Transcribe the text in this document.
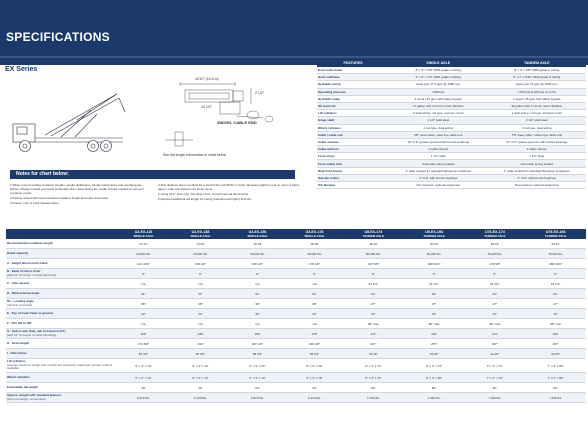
SPECIFICATIONS
EX Series
44'10" (14.0 m)
24 1/2"
2 1/2"
SWIVEL CABLE END
See tail length information in chart below
Notes for chart below:

1 When recommending container lengths, weight distribution, fender interference and overhang are factors. Please consult your local enthusiast when determining the model of hoist needed to suit your container needs.

2 Factory tested with recommended container length and water level load.

3 Frame = top of truck chassis frame.

4 This distance does not allow for a behind the cab (BTC) or hoist rail space platform and so more is add a tarper; main cab distance for these items.

5 Using 22.5" tires only. The larger tires, consult internal dimensions.

6 Request additional tail length for spring requirements higher than AC.

FEATURES	SINGLE AXLE	TANDEM AXLE
Hoist main frame	8" x 3" x 3/8" A500 grade C tubing	8" x 4" x 3/8" A500 grade C tubing
Hoist subframe	6" x 3" x 1/4" A500 grade C tubing	5" x 2" x 5/16" A500 grade C tubing
Hydraulic pump	Gear type 17.5 gpm @ 1500 rpm	Gear type 31 gpm @ 1500 rpm
Operating pressure	1,850 psi	1,850 psi (1,950 psi on U75)
Hydraulic valve	2 spool / 45 gpm with safety bypass	2 spool / 45 gpm with safety bypass
Oil reservoir	17 gallon with 3 micron return filtration	30 gallon with 3 micron return filtration
Lift cylinders	2 dual acting, rod type, reverse mount	2 dual acting, rod type, forward mount
Hinge shaft	1 1/2" solid steel	2 1/2" solid steel
Winch cylinders	2 rod type, dual acting	2 rod type, dual acting
Cable / cable end	5/8" steel cable / pear eye cable end	7/8" steel cable / swivel eye cable end
Cable sheaves	10" O.D. grease grooved with bronze bearings	10" O.D. grease grooved with bronze bearings
Cable anchors	4 cable clamps	4 cable clamps
Front stops	1 1/2" plate	1 1/2" plate
Front safety lock	Automatic spring loaded	Automatic spring loaded
Rear hold downs	1" plate located for standard Westerup containers	1" plate located for standard Westerup containers
Outside rollers	4" O.D. with bronze bearings	4" O.D. with bronze bearings
ICC Bumper	Not required, optional equipment	Not required, optional equipment

	U2-EX-119
SINGLE AXLE	U2-EX-138
SINGLE AXLE	U3-EX-156
SINGLE AXLE	U3-EX-178
SINGLE AXLE	U5-EX-174
TANDEM AXLE	U5-EX-194
TANDEM AXLE	U75-EX-174
TANDEM AXLE	U75-EX-194
TANDEM AXLE

Recommended container length	13-14'	14-16'	16-18'	18-20'	18-22'	20-24'	18-22'	20-24'
Rated capacity	20,000 lbs.	25,000 lbs.	30,000 lbs.	30,000 lbs.	60,000 lbs.	60,000 lbs.	75,000 lbs.	75,000 lbs.
A - Height above truck frame	131 3/16"	150 1/8"	156 1/8"	178 1/8"	157 5/8"	180 9/16"	179 5/8"	180 9/16"
B - Back of cab to hoist
(add 12" for tarper or hand plumbing)	6"	6"	6"	6"	6"	6"	6"	6"
C - Axle spread	n/a	n/a	n/a	n/a	51 1/2"	51 1/2"	51 1/2"	51 1/2"
D - Raised dump angle	51°	51°	51°	51°	51°	51°	51°	51°
D1 - Loading angle
(tail fully extended)	38°	38°	38°	38°	27°	27°	27°	27°
E - Top of truck frame to ground	42"	42"	42"	42"	44"	44"	44"	44"
F - Tire OD to OD	n/a	n/a	n/a	n/a	98" max	98" max	98" max	98" max
G - Cab to axle (CA), cab to trunnion (CT)
(add 12" for tarper or hand plumbing)	119"	138"	156"	178"	174"	194"	174"	194"
H - Hoist length	173 5/8"	190"	207 1/8"	230 1/8"	237"	257"	237"	257"
I - After frame	58 3/4"	58 3/4"	58 3/4"	58 3/4"	23-25"	23-25"	23-25"	23-25"
Lift cylinders
(reverse mount on single axle models are standard), telescopic cylinder options available	5" x 3" x 14"	5" x 3" x 14"	5" x 3" x 54"	5" x 3" x 60"	6" x 4" x 72"	6" x 4" x 72"	7" x 4" x 72"	7" x 4" x 80"
Winch cylinders	5" x 3" x 14"	5" x 3" x 14"	5" x 3" x 14"	6" x 3" x 75"	6" x 3" x 75"	6" x 3" x 80"	7" x 4" x 75"	7" x 4" x 80"
Extendable tail length	60"	60"	60"	60"	80"	80"	80"	80"
Approx. weight with standard features
(ship out weight, unmounted)	5,370 lbs.	5,700 lbs.	5,870 lbs.	6,140 lbs.	7,330 lbs.	7,340 lbs.	7,300 lbs.	7,530 lbs.
